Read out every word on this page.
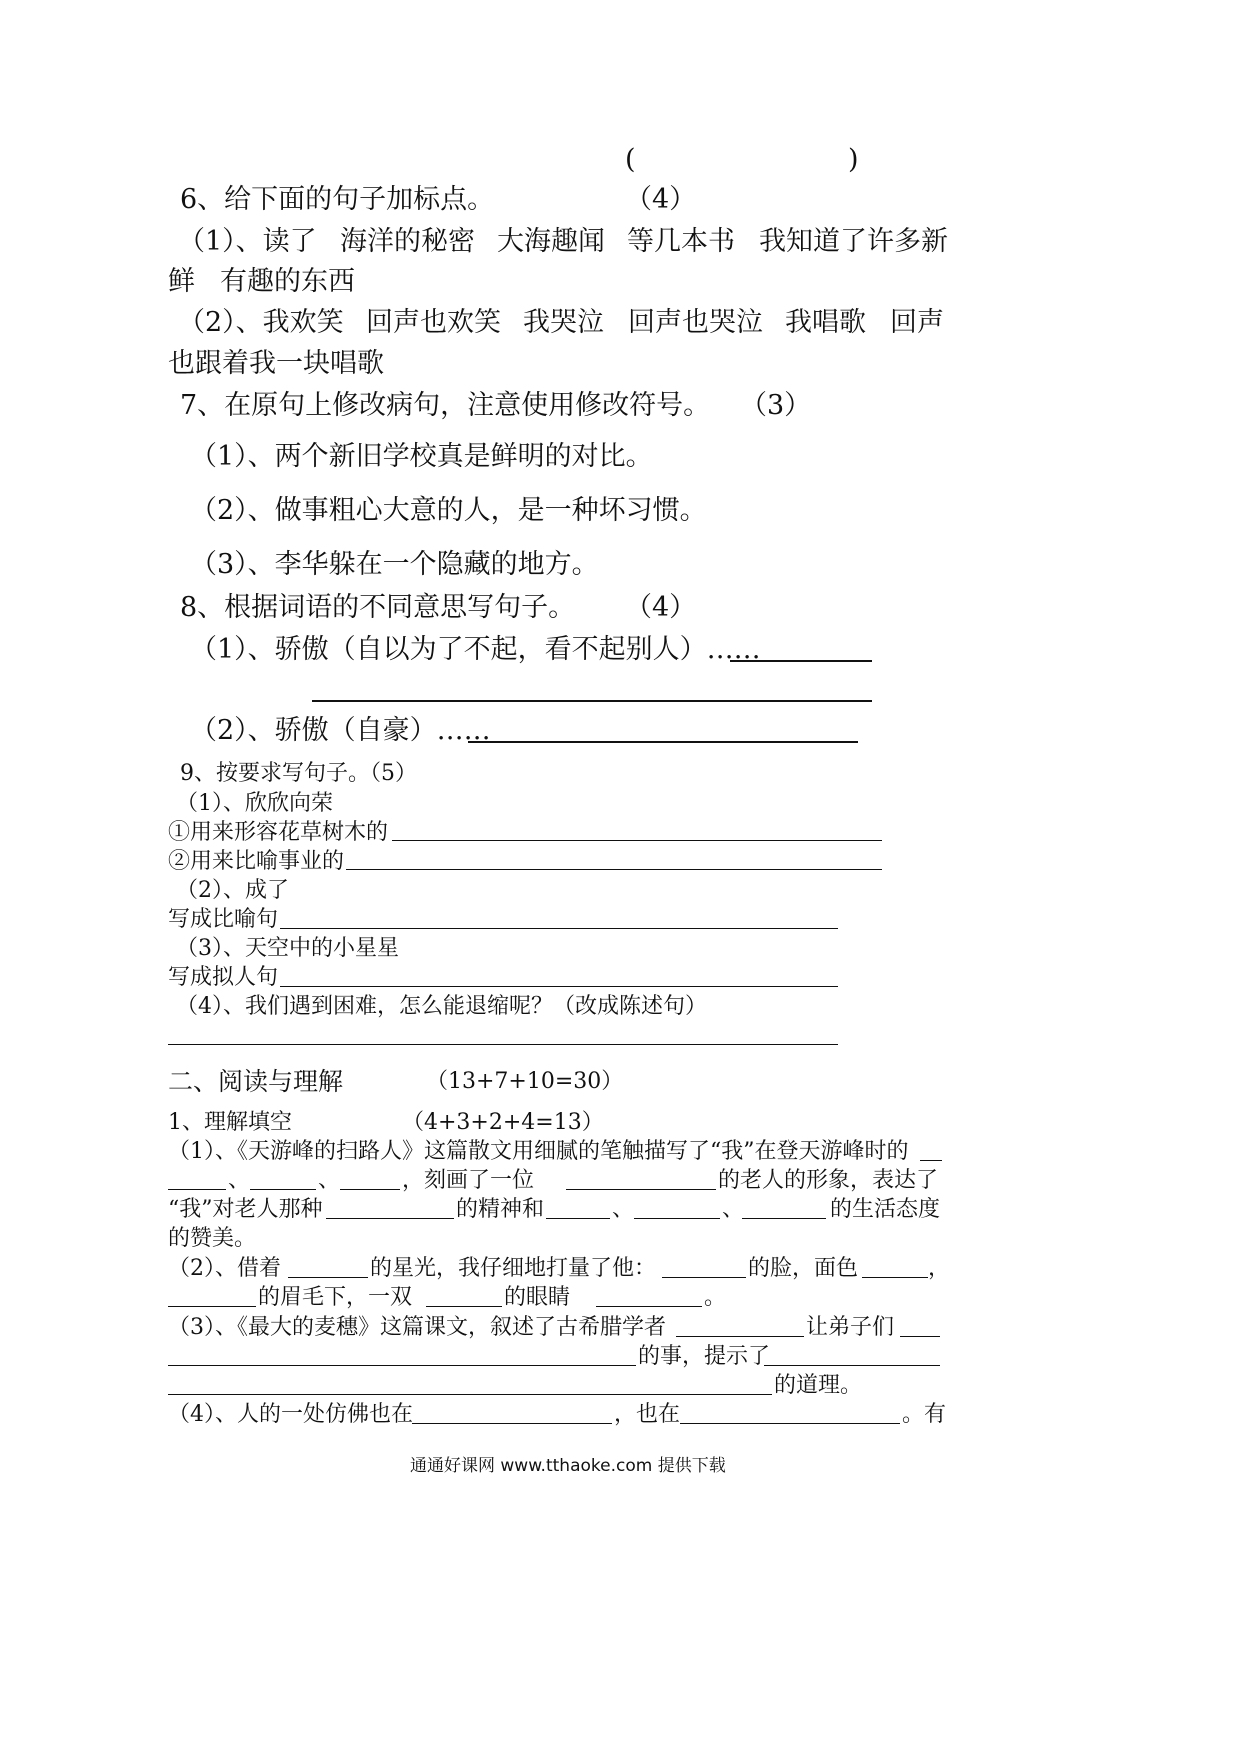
(	)
6、给下面的句子加标点。	（4）
（1）、读了 海洋的秘密 大海趣闻 等几本书 我知道了许多新
鲜 有趣的东西
（2）、我欢笑 回声也欢笑 我哭泣 回声也哭泣 我唱歌 回声
也跟着我一块唱歌
7、在原句上修改病句，注意使用修改符号。 （3）
（1）、两个新旧学校真是鲜明的对比。
（2）、做事粗心大意的人，是一种坏习惯。
（3）、李华躲在一个隐藏的地方。
8、根据词语的不同意思写句子。 （4）
（1）、骄傲（自以为了不起，看不起别人）……
（2）、骄傲（自豪）……
9、按要求写句子。（5）
（1）、欣欣向荣
①用来形容花草树木的
②用来比喻事业的
（2）、成了
写成比喻句
（3）、天空中的小星星
写成拟人句
（4）、我们遇到困难，怎么能退缩呢？（改成陈述句）
二、阅读与理解	（13+7+10=30）
1、理解填空	（4+3+2+4=13）
（1）、《天游峰的扫路人》这篇散文用细腻的笔触描写了“我”在登天游峰时的
、	、	，刻画了一位	的老人的形象，表达了
“我”对老人那种	的精神和	、	、	的生活态度
的赞美。
（2）、借着	的星光，我仔细地打量了他：	的脸，面色	，
的眉毛下，一双	的眼睛	。
（3）、《最大的麦穗》这篇课文，叙述了古希腊学者	让弟子们
的事，提示了
的道理。
（4）、人的一处仿佛也在	，也在	。有
通通好课网 www.tthaoke.com 提供下载
